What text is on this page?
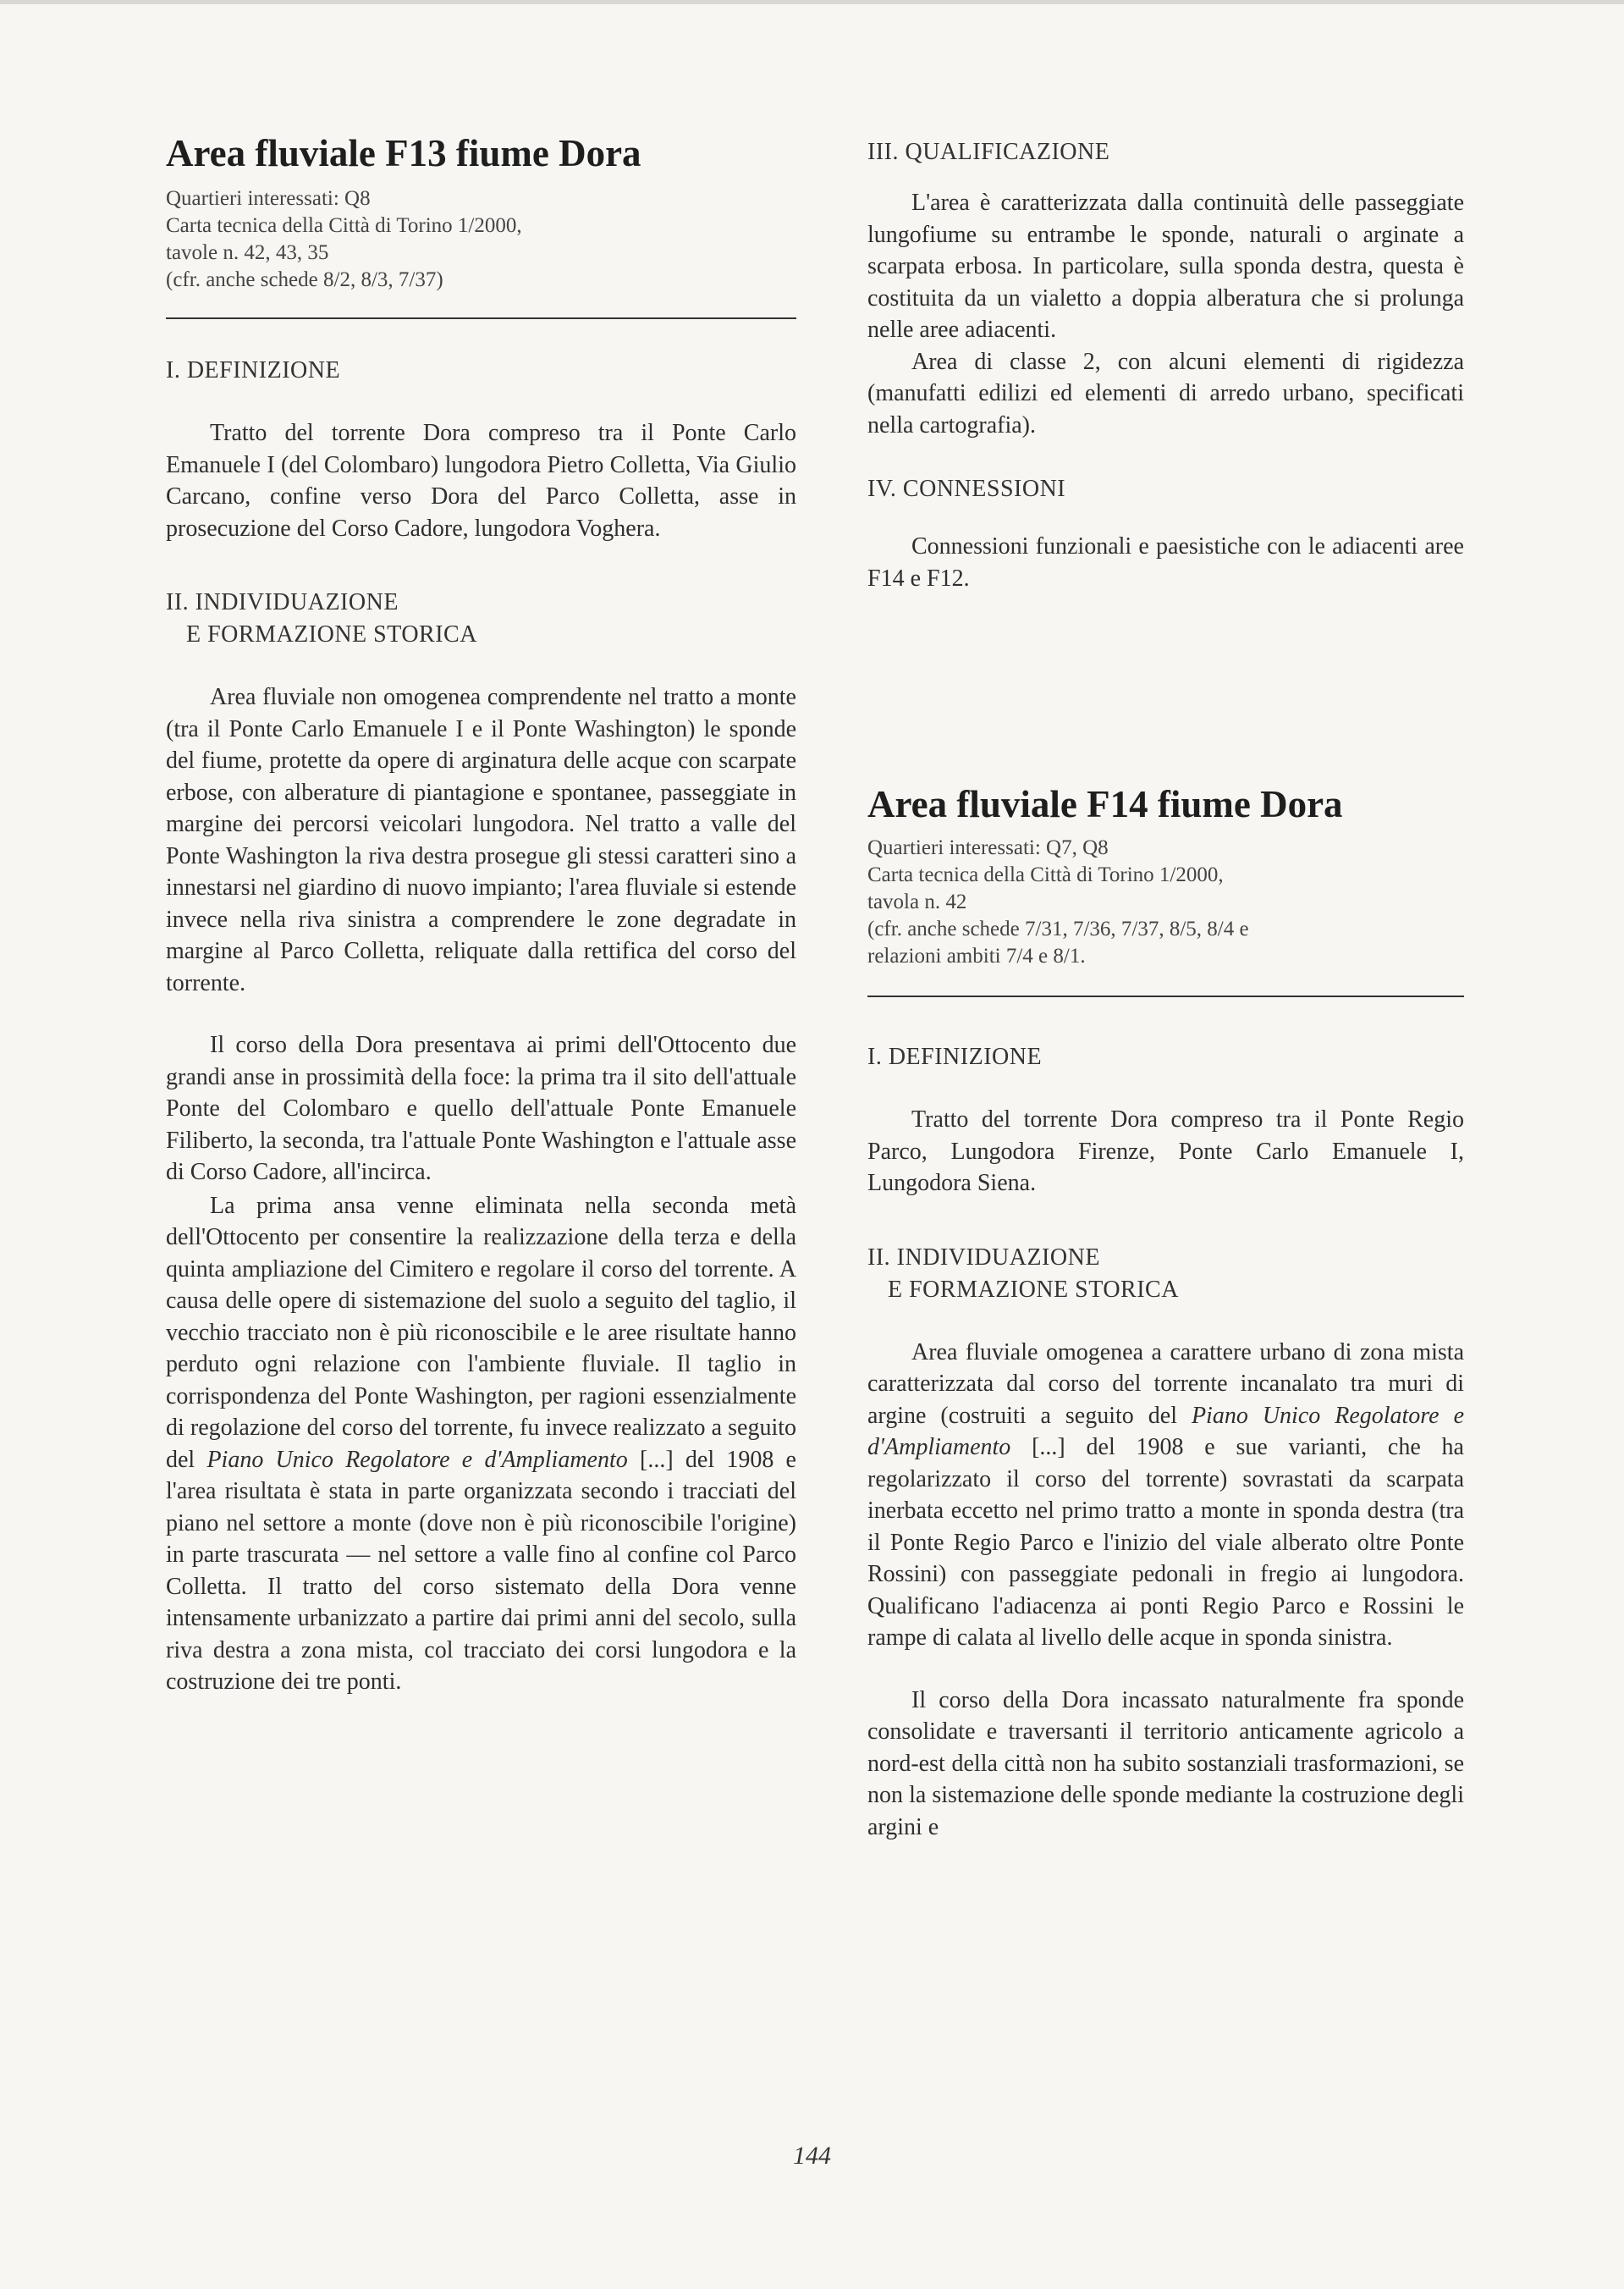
Area fluviale F13 fiume Dora

Quartieri interessati: Q8

Carta tecnica della Città di Torino 1/2000,

tavole n. 42, 43, 35

(cfr. anche schede 8/2, 8/3, 7/37)

I. DEFINIZIONE

Tratto del torrente Dora compreso tra il Ponte Carlo Emanuele I (del Colombaro) lungodora Pietro Colletta, Via Giulio Carcano, confine verso Dora del Parco Colletta, asse in prosecuzione del Corso Cadore, lungodora Voghera.

II. INDIVIDUAZIONE
E FORMAZIONE STORICA

Area fluviale non omogenea comprendente nel tratto a monte (tra il Ponte Carlo Emanuele I e il Ponte Washington) le sponde del fiume, protette da opere di arginatura delle acque con scarpate erbose, con alberature di piantagione e spontanee, passeggiate in margine dei percorsi veicolari lungodora. Nel tratto a valle del Ponte Washington la riva destra prosegue gli stessi caratteri sino a innestarsi nel giardino di nuovo impianto; l'area fluviale si estende invece nella riva sinistra a comprendere le zone degradate in margine al Parco Colletta, reliquate dalla rettifica del corso del torrente.

Il corso della Dora presentava ai primi dell'Ottocento due grandi anse in prossimità della foce: la prima tra il sito dell'attuale Ponte del Colombaro e quello dell'attuale Ponte Emanuele Filiberto, la seconda, tra l'attuale Ponte Washington e l'attuale asse di Corso Cadore, all'incirca.

La prima ansa venne eliminata nella seconda metà dell'Ottocento per consentire la realizzazione della terza e della quinta ampliazione del Cimitero e regolare il corso del torrente. A causa delle opere di sistemazione del suolo a seguito del taglio, il vecchio tracciato non è più riconoscibile e le aree risultate hanno perduto ogni relazione con l'ambiente fluviale. Il taglio in corrispondenza del Ponte Washington, per ragioni essenzialmente di regolazione del corso del torrente, fu invece realizzato a seguito del Piano Unico Regolatore e d'Ampliamento [...] del 1908 e l'area risultata è stata in parte organizzata secondo i tracciati del piano nel settore a monte (dove non è più riconoscibile l'origine) in parte trascurata — nel settore a valle fino al confine col Parco Colletta. Il tratto del corso sistemato della Dora venne intensamente urbanizzato a partire dai primi anni del secolo, sulla riva destra a zona mista, col tracciato dei corsi lungodora e la costruzione dei tre ponti.

III. QUALIFICAZIONE

L'area è caratterizzata dalla continuità delle passeggiate lungofiume su entrambe le sponde, naturali o arginate a scarpata erbosa. In particolare, sulla sponda destra, questa è costituita da un vialetto a doppia alberatura che si prolunga nelle aree adiacenti.

Area di classe 2, con alcuni elementi di rigidezza (manufatti edilizi ed elementi di arredo urbano, specificati nella cartografia).

IV. CONNESSIONI

Connessioni funzionali e paesistiche con le adiacenti aree F14 e F12.

Area fluviale F14 fiume Dora

Quartieri interessati: Q7, Q8

Carta tecnica della Città di Torino 1/2000,

tavola n. 42

(cfr. anche schede 7/31, 7/36, 7/37, 8/5, 8/4 e

relazioni ambiti 7/4 e 8/1.

I. DEFINIZIONE

Tratto del torrente Dora compreso tra il Ponte Regio Parco, Lungodora Firenze, Ponte Carlo Emanuele I, Lungodora Siena.

II. INDIVIDUAZIONE
E FORMAZIONE STORICA

Area fluviale omogenea a carattere urbano di zona mista caratterizzata dal corso del torrente incanalato tra muri di argine (costruiti a seguito del Piano Unico Regolatore e d'Ampliamento [...] del 1908 e sue varianti, che ha regolarizzato il corso del torrente) sovrastati da scarpata inerbata eccetto nel primo tratto a monte in sponda destra (tra il Ponte Regio Parco e l'inizio del viale alberato oltre Ponte Rossini) con passeggiate pedonali in fregio ai lungodora. Qualificano l'adiacenza ai ponti Regio Parco e Rossini le rampe di calata al livello delle acque in sponda sinistra.

Il corso della Dora incassato naturalmente fra sponde consolidate e traversanti il territorio anticamente agricolo a nord-est della città non ha subito sostanziali trasformazioni, se non la sistemazione delle sponde mediante la costruzione degli argini e

144
